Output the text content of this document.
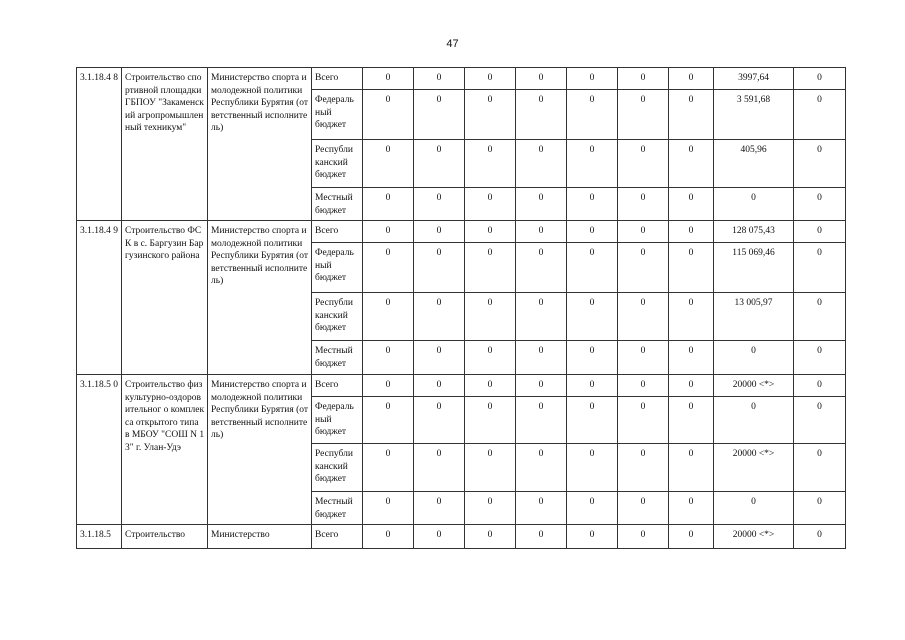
47
3.1.18.4 8	Строительство спортивной площадки ГБПОУ "Закаменский агропромышлен ный техникум"	Министерство спорта и молодежной политики Республики Бурятия (ответственный исполнитель)	Всего	0	0	0	0	0	0	0	3997,64	0
			Федераль ный бюджет	0	0	0	0	0	0	0	3 591,68	0
			Республи канский бюджет	0	0	0	0	0	0	0	405,96	0
			Местный бюджет	0	0	0	0	0	0	0	0	0
3.1.18.4 9	Строительство ФСК в с. Баргузин Баргузинского района	Министерство спорта и молодежной политики Республики Бурятия (ответственный исполнитель)	Всего	0	0	0	0	0	0	0	128 075,43	0
			Федераль ный бюджет	0	0	0	0	0	0	0	115 069,46	0
			Республи канский бюджет	0	0	0	0	0	0	0	13 005,97	0
			Местный бюджет	0	0	0	0	0	0	0	0	0
3.1.18.5 0	Строительство физкультурно-оздоровительног о комплекса открытого типа в МБОУ "СОШ N 13" г. Улан-Удэ	Министерство спорта и молодежной политики Республики Бурятия (ответственный исполнитель)	Всего	0	0	0	0	0	0	0	20000 <*>	0
			Федераль ный бюджет	0	0	0	0	0	0	0	0	0
			Республи канский бюджет	0	0	0	0	0	0	0	20000 <*>	0
			Местный бюджет	0	0	0	0	0	0	0	0	0
3.1.18.5	Строительство	Министерство	Всего	0	0	0	0	0	0	0	20000 <*>	0
